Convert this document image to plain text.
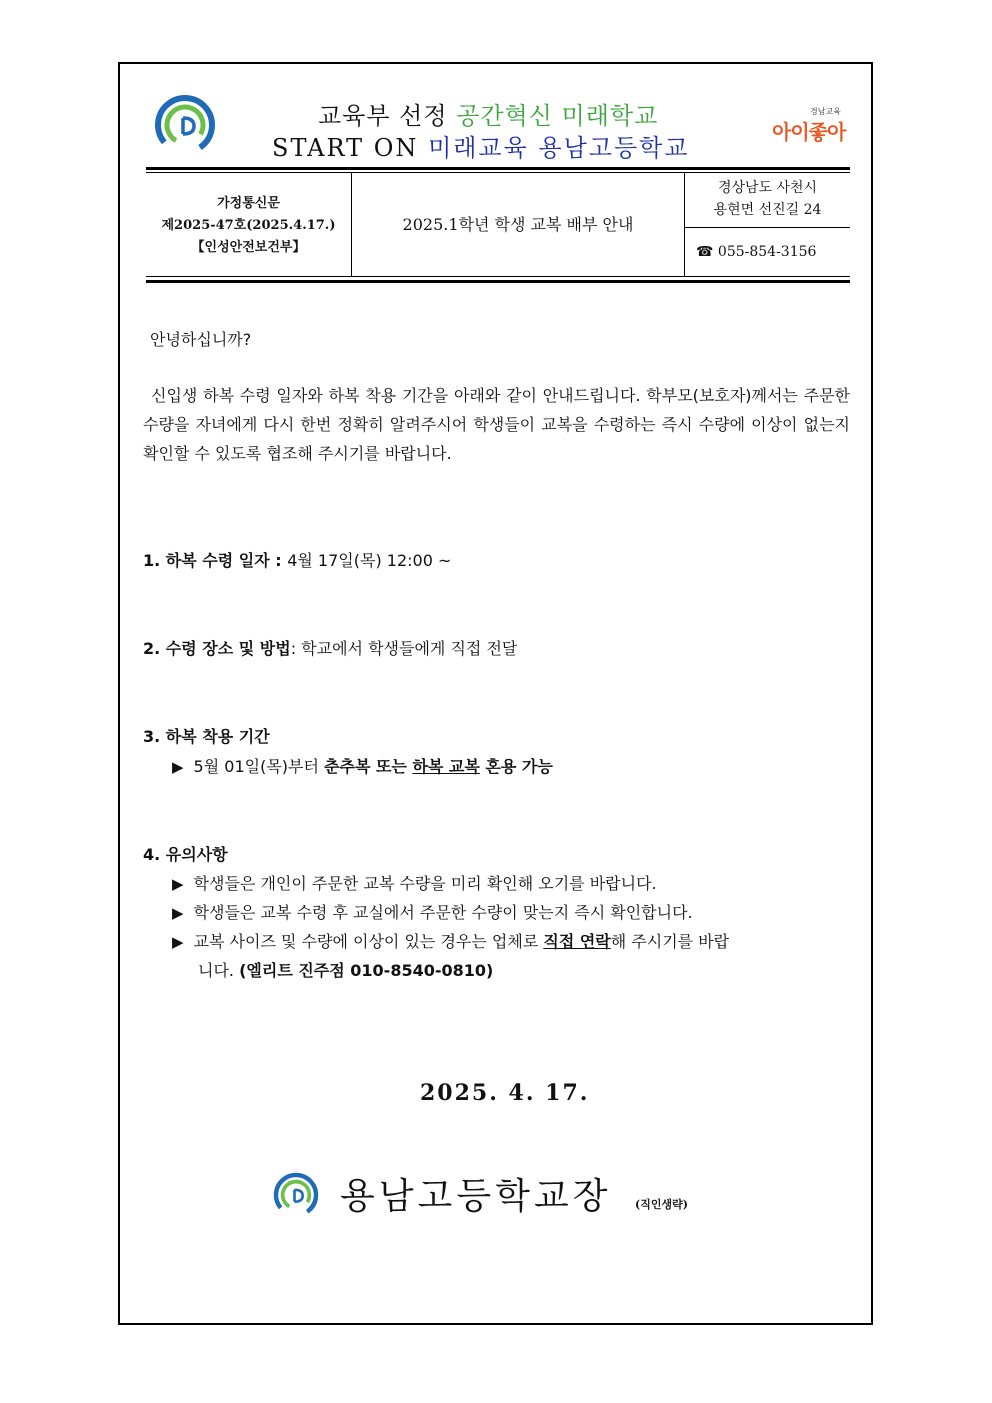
교육부 선정 공간혁신 미래학교
START ON 미래교육 용남고등학교
경남교육
아이좋아
가정통신문
제2025-47호(2025.4.17.)
【인성안전보건부】
2025.1학년 학생 교복 배부 안내
경상남도 사천시
용현면 선진길 24
☎ 055-854-3156
안녕하십니까?
신입생 하복 수령 일자와 하복 착용 기간을 아래와 같이 안내드립니다. 학부모(보호자)께서는 주문한 수량을 자녀에게 다시 한번 정확히 알려주시어 학생들이 교복을 수령하는 즉시 수량에 이상이 없는지 확인할 수 있도록 협조해 주시기를 바랍니다.
1. 하복 수령 일자 : 4월 17일(목) 12:00 ~
2. 수령 장소 및 방법: 학교에서 학생들에게 직접 전달
3. 하복 착용 기간
▶ 5월 01일(목)부터 춘추복 또는 하복 교복 혼용 가능
4. 유의사항
▶ 학생들은 개인이 주문한 교복 수량을 미리 확인해 오기를 바랍니다.
▶ 학생들은 교복 수령 후 교실에서 주문한 수량이 맞는지 즉시 확인합니다.
▶ 교복 사이즈 및 수량에 이상이 있는 경우는 업체로 직접 연락해 주시기를 바랍
니다. (엘리트 진주점 010-8540-0810)
2025. 4. 17.
용남고등학교장 (직인생략)
